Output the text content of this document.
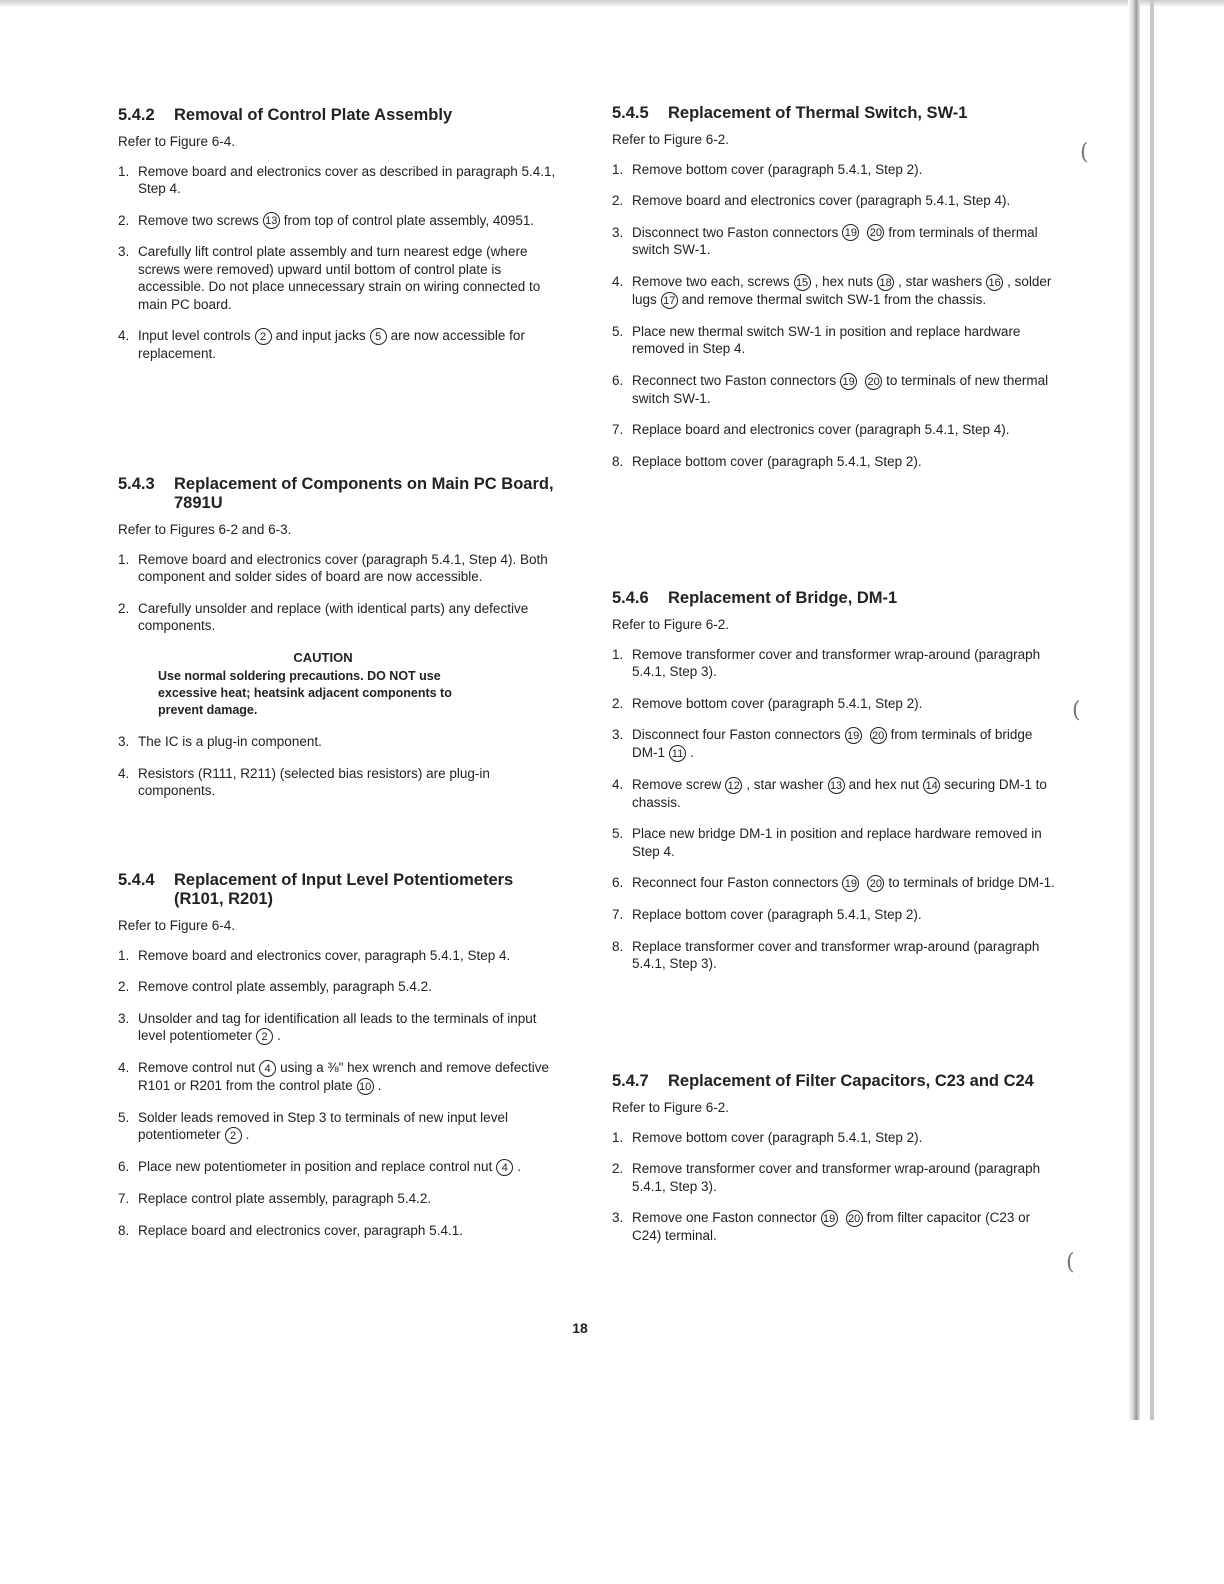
5.4.2	Removal of Control Plate Assembly
Refer to Figure 6-4.
1. Remove board and electronics cover as described in paragraph 5.4.1, Step 4.
2. Remove two screws 13 from top of control plate assembly, 40951.
3. Carefully lift control plate assembly and turn nearest edge (where screws were removed) upward until bottom of control plate is accessible. Do not place unnecessary strain on wiring connected to main PC board.
4. Input level controls 2 and input jacks 5 are now accessible for replacement.
5.4.3	Replacement of Components on Main PC Board, 7891U
Refer to Figures 6-2 and 6-3.
1. Remove board and electronics cover (paragraph 5.4.1, Step 4). Both component and solder sides of board are now accessible.
2. Carefully unsolder and replace (with identical parts) any defective components.
CAUTION
Use normal soldering precautions. DO NOT use excessive heat; heatsink adjacent components to prevent damage.
3. The IC is a plug-in component.
4. Resistors (R111, R211) (selected bias resistors) are plug-in components.
5.4.4	Replacement of Input Level Potentiometers (R101, R201)
Refer to Figure 6-4.
1. Remove board and electronics cover, paragraph 5.4.1, Step 4.
2. Remove control plate assembly, paragraph 5.4.2.
3. Unsolder and tag for identification all leads to the terminals of input level potentiometer 2 .
4. Remove control nut 4 using a ⅜" hex wrench and remove defective R101 or R201 from the control plate 10 .
5. Solder leads removed in Step 3 to terminals of new input level potentiometer 2 .
6. Place new potentiometer in position and replace control nut 4 .
7. Replace control plate assembly, paragraph 5.4.2.
8. Replace board and electronics cover, paragraph 5.4.1.
5.4.5	Replacement of Thermal Switch, SW-1
Refer to Figure 6-2.
1. Remove bottom cover (paragraph 5.4.1, Step 2).
2. Remove board and electronics cover (paragraph 5.4.1, Step 4).
3. Disconnect two Faston connectors 19 20 from terminals of thermal switch SW-1.
4. Remove two each, screws 15 , hex nuts 18 , star washers 16 , solder lugs 17 and remove thermal switch SW-1 from the chassis.
5. Place new thermal switch SW-1 in position and replace hardware removed in Step 4.
6. Reconnect two Faston connectors 19 20 to terminals of new thermal switch SW-1.
7. Replace board and electronics cover (paragraph 5.4.1, Step 4).
8. Replace bottom cover (paragraph 5.4.1, Step 2).
5.4.6	Replacement of Bridge, DM-1
Refer to Figure 6-2.
1. Remove transformer cover and transformer wrap-around (paragraph 5.4.1, Step 3).
2. Remove bottom cover (paragraph 5.4.1, Step 2).
3. Disconnect four Faston connectors 19 20 from terminals of bridge DM-1 11 .
4. Remove screw 12 , star washer 13 and hex nut 14 securing DM-1 to chassis.
5. Place new bridge DM-1 in position and replace hardware removed in Step 4.
6. Reconnect four Faston connectors 19 20 to terminals of bridge DM-1.
7. Replace bottom cover (paragraph 5.4.1, Step 2).
8. Replace transformer cover and transformer wrap-around (paragraph 5.4.1, Step 3).
5.4.7	Replacement of Filter Capacitors, C23 and C24
Refer to Figure 6-2.
1. Remove bottom cover (paragraph 5.4.1, Step 2).
2. Remove transformer cover and transformer wrap-around (paragraph 5.4.1, Step 3).
3. Remove one Faston connector 19 20 from filter capacitor (C23 or C24) terminal.
18
(
(
(
